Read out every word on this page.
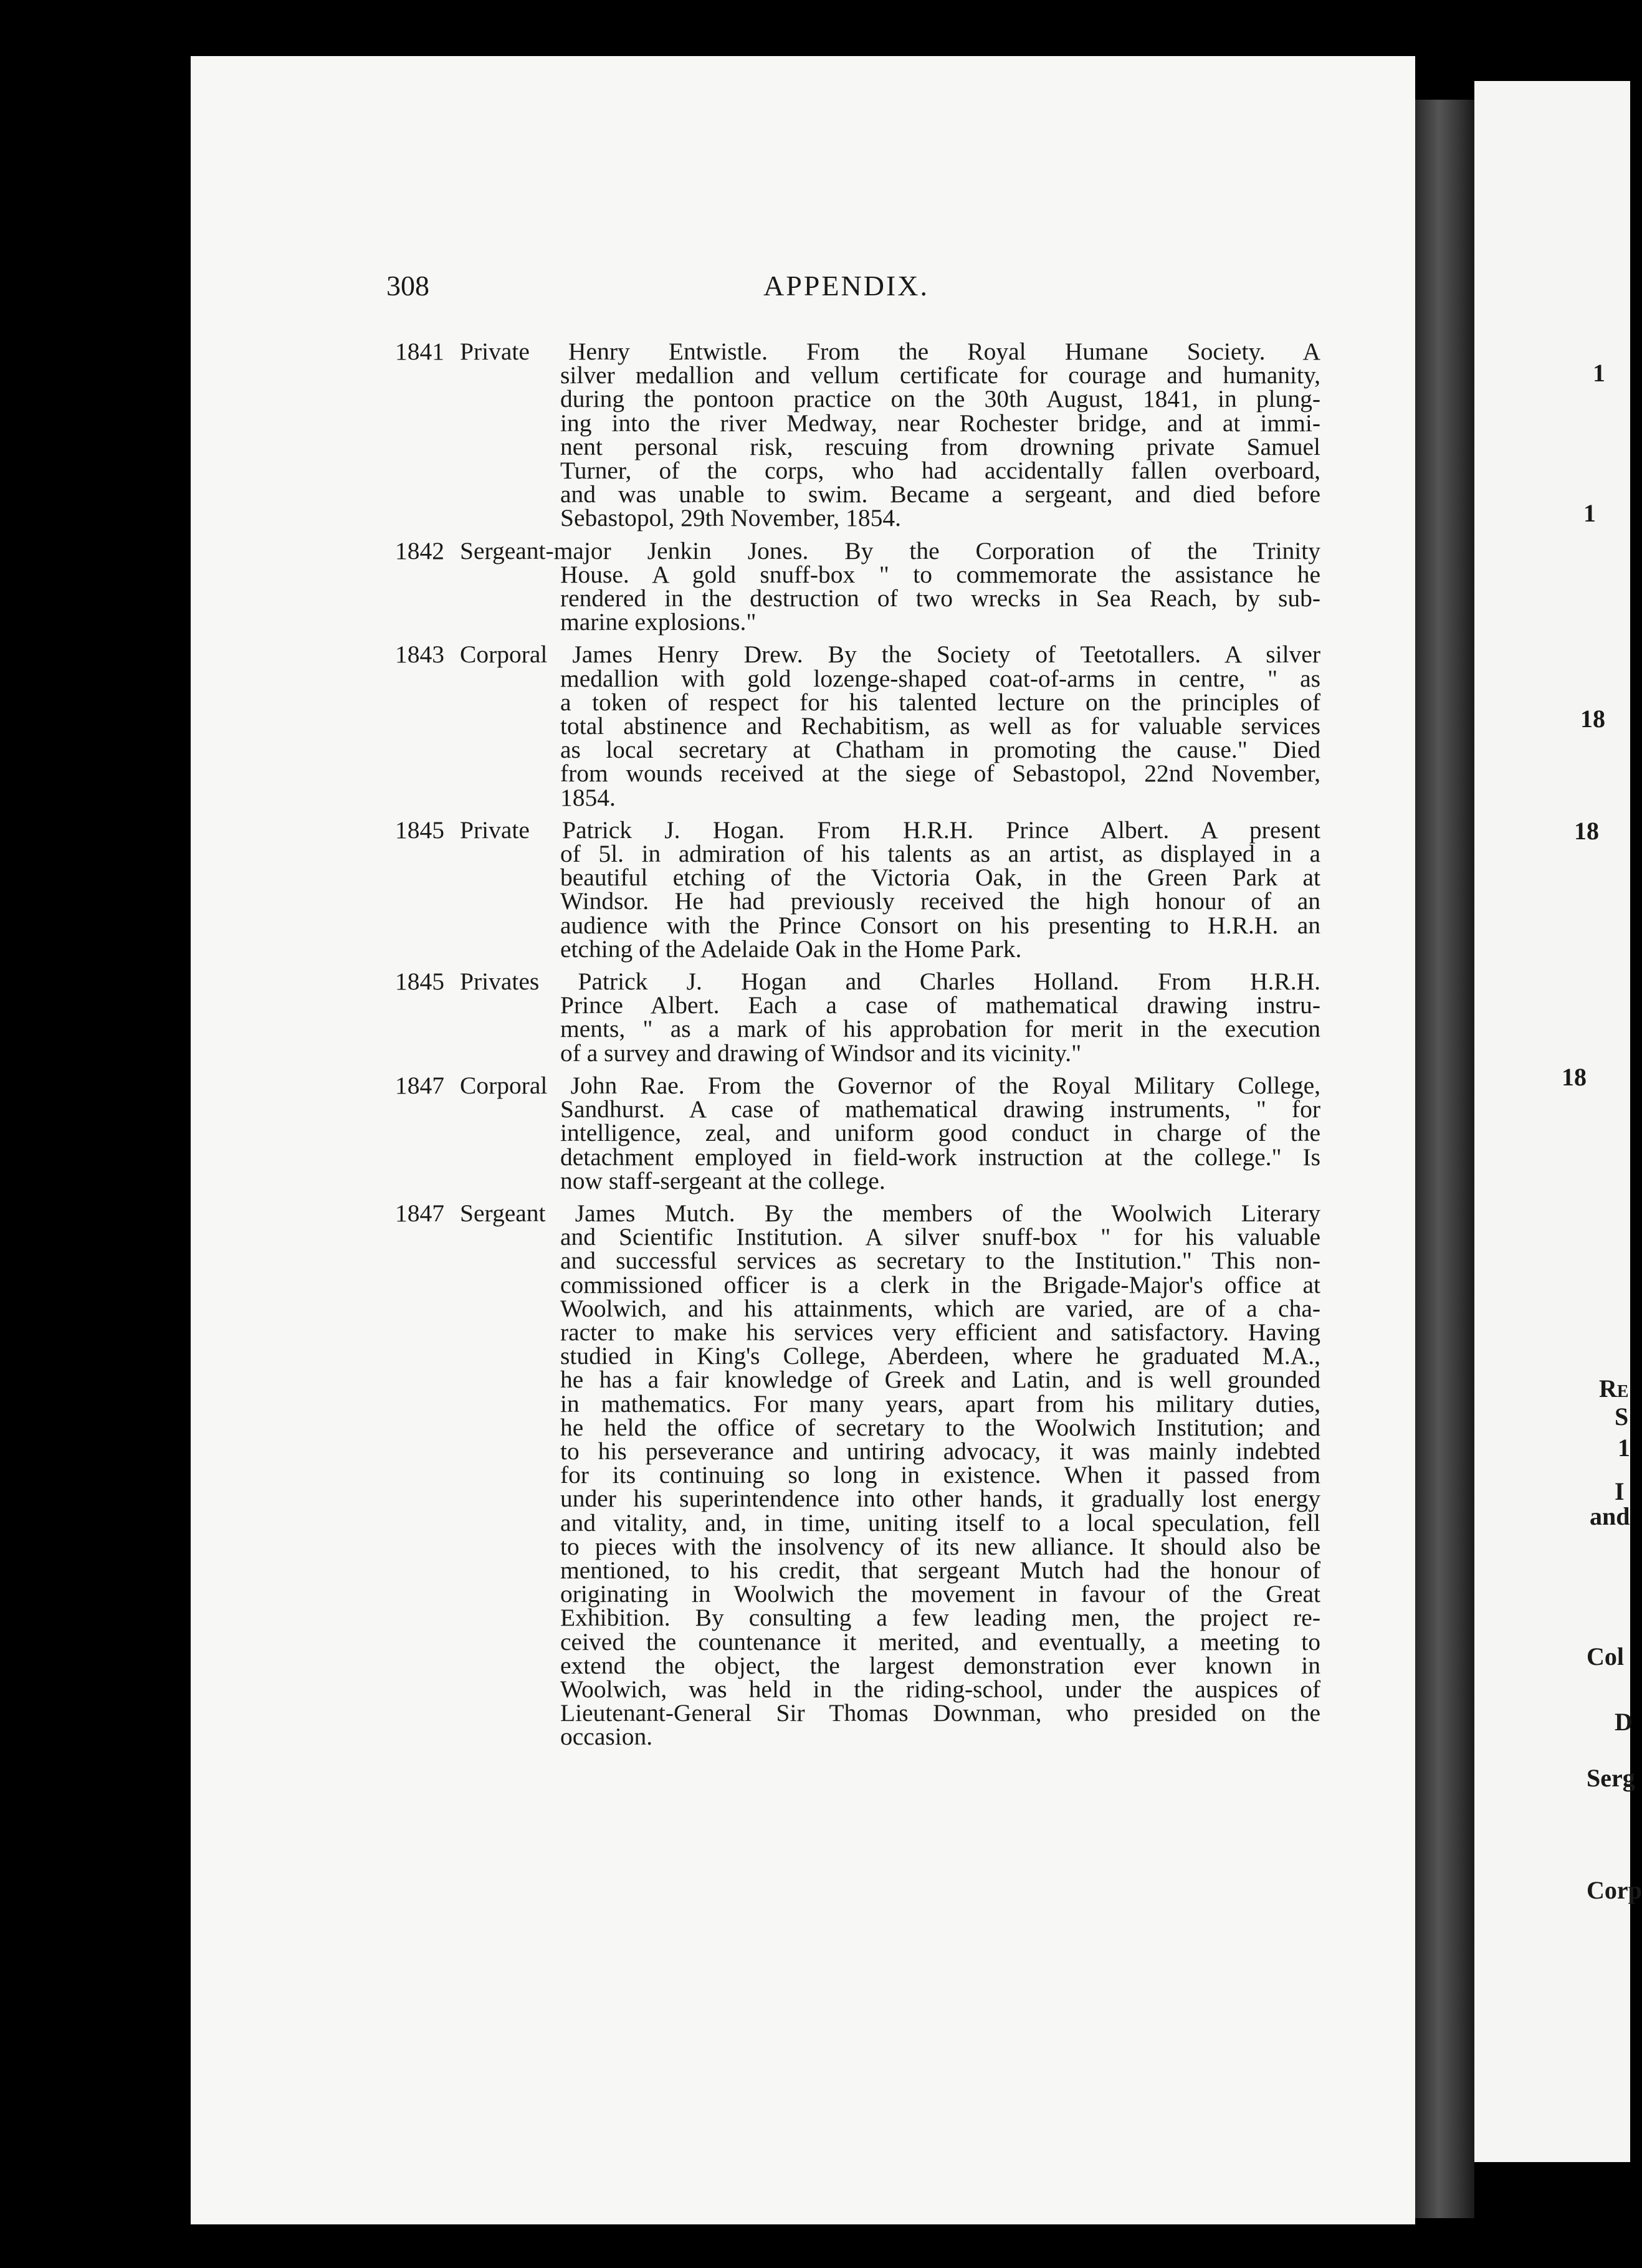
1
1
18
18
18
Re
S
1
I
and
Col
D
Serg
Corp
308	APPENDIX.
1841 Private Henry Entwistle. From the Royal Humane Society. A
silver medallion and vellum certificate for courage and humanity,
during the pontoon practice on the 30th August, 1841, in plung-
ing into the river Medway, near Rochester bridge, and at immi-
nent personal risk, rescuing from drowning private Samuel
Turner, of the corps, who had accidentally fallen overboard,
and was unable to swim. Became a sergeant, and died before
Sebastopol, 29th November, 1854.
1842 Sergeant-major Jenkin Jones. By the Corporation of the Trinity
House. A gold snuff-box " to commemorate the assistance he
rendered in the destruction of two wrecks in Sea Reach, by sub-
marine explosions."
1843 Corporal James Henry Drew. By the Society of Teetotallers. A silver
medallion with gold lozenge-shaped coat-of-arms in centre, " as
a token of respect for his talented lecture on the principles of
total abstinence and Rechabitism, as well as for valuable services
as local secretary at Chatham in promoting the cause." Died
from wounds received at the siege of Sebastopol, 22nd November,
1854.
1845 Private Patrick J. Hogan. From H.R.H. Prince Albert. A present
of 5l. in admiration of his talents as an artist, as displayed in a
beautiful etching of the Victoria Oak, in the Green Park at
Windsor. He had previously received the high honour of an
audience with the Prince Consort on his presenting to H.R.H. an
etching of the Adelaide Oak in the Home Park.
1845 Privates Patrick J. Hogan and Charles Holland. From H.R.H.
Prince Albert. Each a case of mathematical drawing instru-
ments, " as a mark of his approbation for merit in the execution
of a survey and drawing of Windsor and its vicinity."
1847 Corporal John Rae. From the Governor of the Royal Military College,
Sandhurst. A case of mathematical drawing instruments, " for
intelligence, zeal, and uniform good conduct in charge of the
detachment employed in field-work instruction at the college." Is
now staff-sergeant at the college.
1847 Sergeant James Mutch. By the members of the Woolwich Literary
and Scientific Institution. A silver snuff-box " for his valuable
and successful services as secretary to the Institution." This non-
commissioned officer is a clerk in the Brigade-Major's office at
Woolwich, and his attainments, which are varied, are of a cha-
racter to make his services very efficient and satisfactory. Having
studied in King's College, Aberdeen, where he graduated M.A.,
he has a fair knowledge of Greek and Latin, and is well grounded
in mathematics. For many years, apart from his military duties,
he held the office of secretary to the Woolwich Institution; and
to his perseverance and untiring advocacy, it was mainly indebted
for its continuing so long in existence. When it passed from
under his superintendence into other hands, it gradually lost energy
and vitality, and, in time, uniting itself to a local speculation, fell
to pieces with the insolvency of its new alliance. It should also be
mentioned, to his credit, that sergeant Mutch had the honour of
originating in Woolwich the movement in favour of the Great
Exhibition. By consulting a few leading men, the project re-
ceived the countenance it merited, and eventually, a meeting to
extend the object, the largest demonstration ever known in
Woolwich, was held in the riding-school, under the auspices of
Lieutenant-General Sir Thomas Downman, who presided on the
occasion.
